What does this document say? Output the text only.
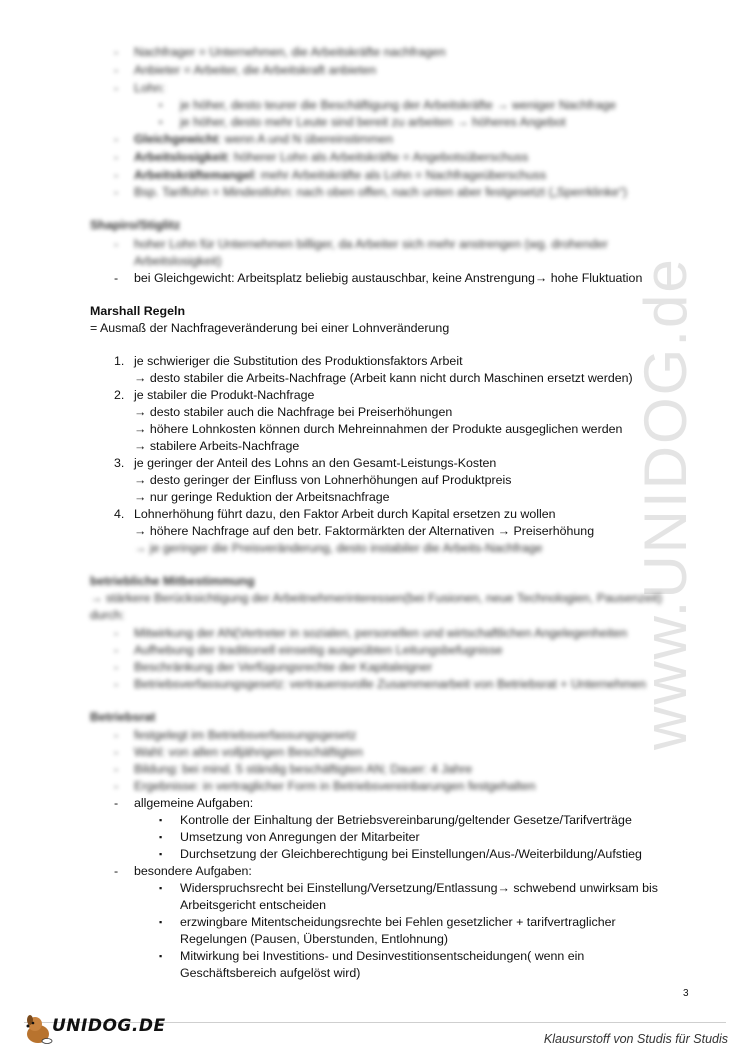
www.UNIDOG.de
- Nachfrager = Unternehmen, die Arbeitskräfte nachfragen
- Anbieter = Arbeiter, die Arbeitskraft anbieten
- Lohn:
▪ je höher, desto teurer die Beschäftigung der Arbeitskräfte → weniger Nachfrage
▪ je höher, desto mehr Leute sind bereit zu arbeiten → höheres Angebot
- Gleichgewicht: wenn A und N übereinstimmen
- Arbeitslosigkeit: höherer Lohn als Arbeitskräfte = Angebotsüberschuss
- Arbeitskräftemangel: mehr Arbeitskräfte als Lohn = Nachfrageüberschuss
- Bsp. Tariflohn = Mindestlohn: nach oben offen, nach unten aber festgesetzt („Sperrklinke“)
Shapiro/Stiglitz
- hoher Lohn für Unternehmen billiger, da Arbeiter sich mehr anstrengen (wg. drohender
Arbeitslosigkeit)
- bei Gleichgewicht: Arbeitsplatz beliebig austauschbar, keine Anstrengung→ hohe Fluktuation
Marshall Regeln
= Ausmaß der Nachfrageveränderung bei einer Lohnveränderung
1. je schwieriger die Substitution des Produktionsfaktors Arbeit
→ desto stabiler die Arbeits-Nachfrage (Arbeit kann nicht durch Maschinen ersetzt werden)
2. je stabiler die Produkt-Nachfrage
→ desto stabiler auch die Nachfrage bei Preiserhöhungen
→ höhere Lohnkosten können durch Mehreinnahmen der Produkte ausgeglichen werden
→ stabilere Arbeits-Nachfrage
3. je geringer der Anteil des Lohns an den Gesamt-Leistungs-Kosten
→ desto geringer der Einfluss von Lohnerhöhungen auf Produktpreis
→ nur geringe Reduktion der Arbeitsnachfrage
4. Lohnerhöhung führt dazu, den Faktor Arbeit durch Kapital ersetzen zu wollen
→ höhere Nachfrage auf den betr. Faktormärkten der Alternativen → Preiserhöhung
→ je geringer die Preisveränderung, desto instabiler die Arbeits-Nachfrage
betriebliche Mitbestimmung
→ stärkere Berücksichtigung der Arbeitnehmerinteressen(bei Fusionen, neue Technologien, Pausenzeit)
durch:
- Mitwirkung der AN(Vertreter in sozialen, personellen und wirtschaftlichen Angelegenheiten
- Aufhebung der traditionell einseitig ausgeübten Leitungsbefugnisse
- Beschränkung der Verfügungsrechte der Kapitaleigner
- Betriebsverfassungsgesetz: vertrauensvolle Zusammenarbeit von Betriebsrat + Unternehmen
Betriebsrat
- festgelegt im Betriebsverfassungsgesetz
- Wahl: von allen volljährigen Beschäftigten
- Bildung: bei mind. 5 ständig beschäftigten AN; Dauer: 4 Jahre
- Ergebnisse: in vertraglicher Form in Betriebsvereinbarungen festgehalten
- allgemeine Aufgaben:
▪ Kontrolle der Einhaltung der Betriebsvereinbarung/geltender Gesetze/Tarifverträge
▪ Umsetzung von Anregungen der Mitarbeiter
▪ Durchsetzung der Gleichberechtigung bei Einstellungen/Aus-/Weiterbildung/Aufstieg
- besondere Aufgaben:
▪ Widerspruchsrecht bei Einstellung/Versetzung/Entlassung→ schwebend unwirksam bis
Arbeitsgericht entscheiden
▪ erzwingbare Mitentscheidungsrechte bei Fehlen gesetzlicher + tarifvertraglicher
Regelungen (Pausen, Überstunden, Entlohnung)
▪ Mitwirkung bei Investitions- und Desinvestitionsentscheidungen( wenn ein
Geschäftsbereich aufgelöst wird)
3
UNIDOG.DE
Klausurstoff von Studis für Studis
